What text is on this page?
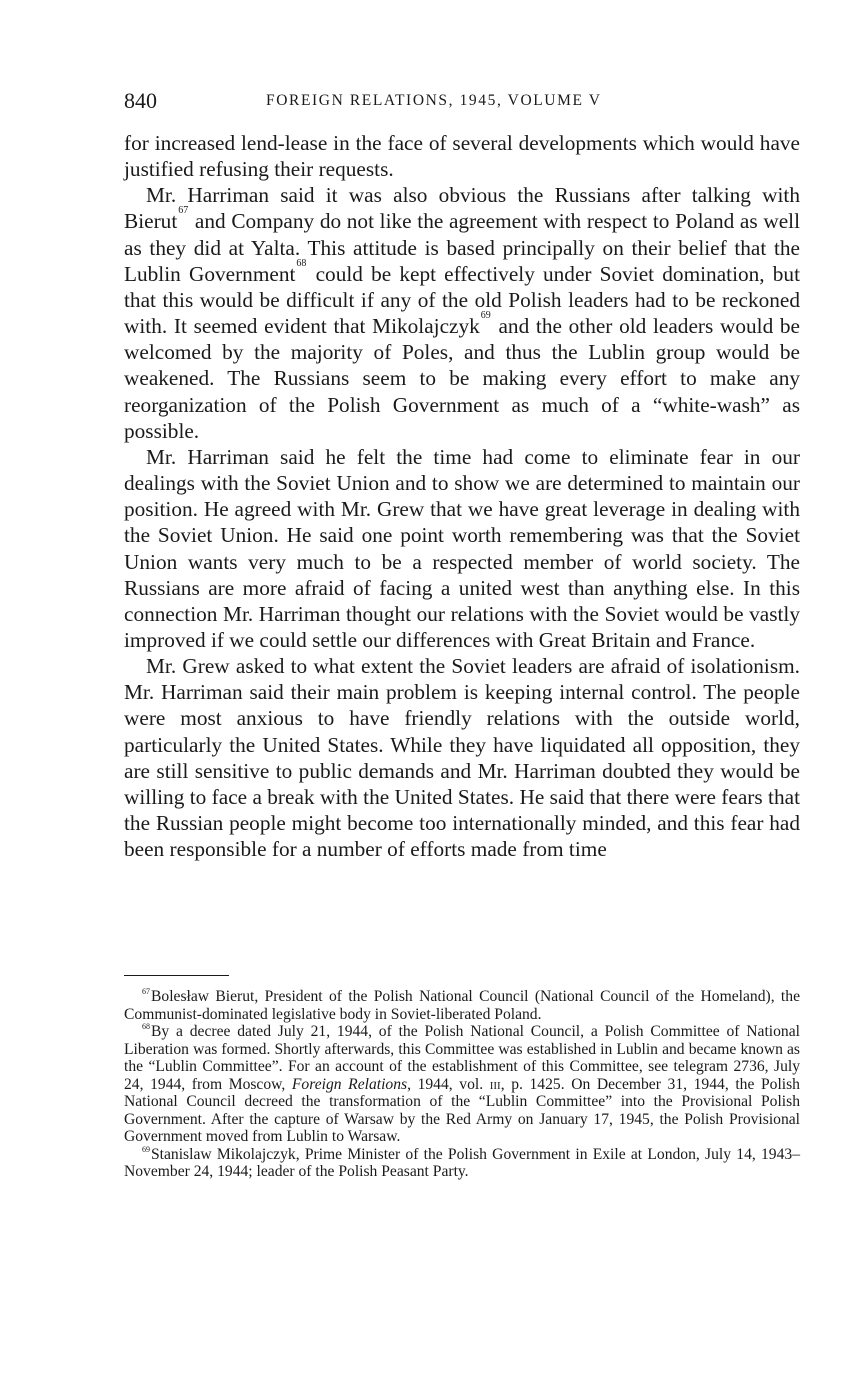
840	FOREIGN RELATIONS, 1945, VOLUME V

for increased lend-lease in the face of several developments which would have justified refusing their requests.

Mr. Harriman said it was also obvious the Russians after talking with Bierut$^{67}$ and Company do not like the agreement with respect to Poland as well as they did at Yalta. This attitude is based principally on their belief that the Lublin Government$^{68}$ could be kept effectively under Soviet domination, but that this would be difficult if any of the old Polish leaders had to be reckoned with. It seemed evident that Mikolajczyk$^{69}$ and the other old leaders would be welcomed by the majority of Poles, and thus the Lublin group would be weakened. The Russians seem to be making every effort to make any reorganization of the Polish Government as much of a “white-wash” as possible.

Mr. Harriman said he felt the time had come to eliminate fear in our dealings with the Soviet Union and to show we are determined to maintain our position. He agreed with Mr. Grew that we have great leverage in dealing with the Soviet Union. He said one point worth remembering was that the Soviet Union wants very much to be a respected member of world society. The Russians are more afraid of facing a united west than anything else. In this connection Mr. Harriman thought our relations with the Soviet would be vastly improved if we could settle our differences with Great Britain and France.

Mr. Grew asked to what extent the Soviet leaders are afraid of isolationism. Mr. Harriman said their main problem is keeping internal control. The people were most anxious to have friendly relations with the outside world, particularly the United States. While they have liquidated all opposition, they are still sensitive to public demands and Mr. Harriman doubted they would be willing to face a break with the United States. He said that there were fears that the Russian people might become too internationally minded, and this fear had been responsible for a number of efforts made from time

$^{67}$Bolesław Bierut, President of the Polish National Council (National Council of the Homeland), the Communist-dominated legislative body in Soviet-liberated Poland.

$^{68}$By a decree dated July 21, 1944, of the Polish National Council, a Polish Committee of National Liberation was formed. Shortly afterwards, this Committee was established in Lublin and became known as the “Lublin Committee”. For an account of the establishment of this Committee, see telegram 2736, July 24, 1944, from Moscow, Foreign Relations, 1944, vol. iii, p. 1425. On December 31, 1944, the Polish National Council decreed the transformation of the “Lublin Committee” into the Provisional Polish Government. After the capture of Warsaw by the Red Army on January 17, 1945, the Polish Provisional Government moved from Lublin to Warsaw.

$^{69}$Stanislaw Mikolajczyk, Prime Minister of the Polish Government in Exile at London, July 14, 1943–November 24, 1944; leader of the Polish Peasant Party.
